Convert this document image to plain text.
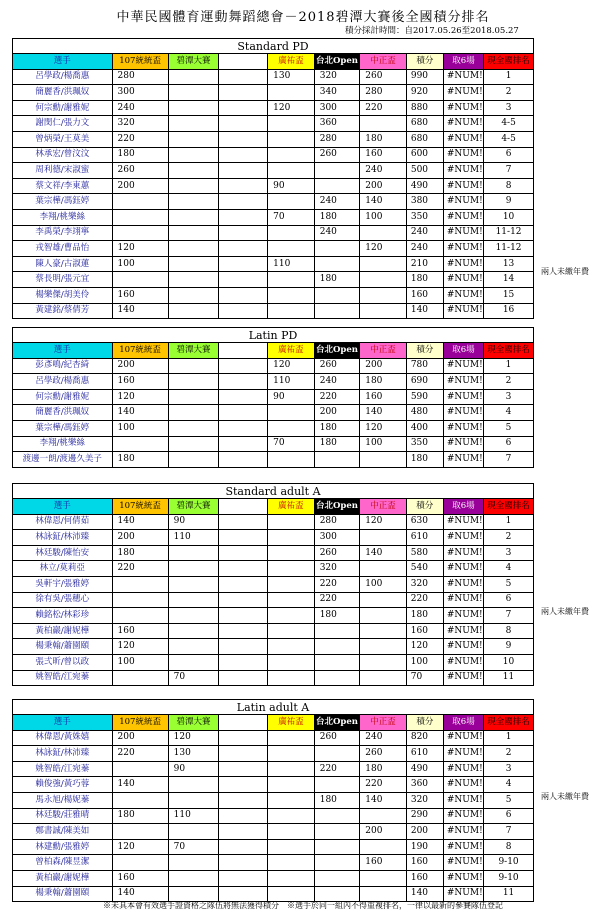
中華民國體育運動舞蹈總會－2018碧潭大賽後全國積分排名
積分採計時間：自2017.05.26至2018.05.27
Standard PD									
選手	107統統盃	碧潭大賽		廣祐盃	台北Open	中正盃	積分	取6場	現全國排名
呂學政/楊喬惠	280			130	320	260	990	#NUM!	1
簡麗香/洪珮奴	300				340	280	920	#NUM!	2
何宗勳/謝雅妮	240			120	300	220	880	#NUM!	3
謝閔仁/張力文	320				360		680	#NUM!	4-5
曾炳榮/王莫美	220				280	180	680	#NUM!	4-5
林承宏/曾汶汶	180				260	160	600	#NUM!	6
周利德/宋淑蜜	260					240	500	#NUM!	7
蔡文祥/李東蕙	200			90		200	490	#NUM!	8
葉宗樺/馮鈺婷					240	140	380	#NUM!	9
李翔/桃樂絲				70	180	100	350	#NUM!	10
李禹榮/李翊寧					240		240	#NUM!	11-12
戎智雄/曹品怡	120					120	240	#NUM!	11-12
陳人豪/古淑蓮	100			110			210	#NUM!	13
蔡長明/張元宜					180		180	#NUM!	14
楊樂傑/胡美伶	160						160	#NUM!	15
黃建銘/蔡倩芳	140						140	#NUM!	16
Latin PD									
選手	107統統盃	碧潭大賽		廣祐盃	台北Open	中正盃	積分	取6場	現全國排名
彭彥鳴/紀杏綺	200			120	260	200	780	#NUM!	1
呂學政/楊喬惠	160			110	240	180	690	#NUM!	2
何宗勳/謝雅妮	120			90	220	160	590	#NUM!	3
簡麗香/洪珮奴	140				200	140	480	#NUM!	4
葉宗樺/馮鈺婷	100				180	120	400	#NUM!	5
李翔/桃樂絲				70	180	100	350	#NUM!	6
渡邊一朗/渡邊久美子	180						180	#NUM!	7
Standard adult A									
選手	107統統盃	碧潭大賽		廣祐盃	台北Open	中正盃	積分	取6場	現全國排名
林偉恩/何倩茹	140	90			280	120	630	#NUM!	1
林詠鉦/林沛臻	200	110			300		610	#NUM!	2
林廷駿/陳怡安	180				260	140	580	#NUM!	3
林立/莫莉亞	220				320		540	#NUM!	4
吳軒宇/張雅婷					220	100	320	#NUM!	5
徐有吳/張穗心					220		220	#NUM!	6
賴銘松/林彩珍					180		180	#NUM!	7
黃柏巖/謝妮樺	160						160	#NUM!	8
楊秉翰/蕭園頤	120						120	#NUM!	9
張弍昕/曾以政	100						100	#NUM!	10
姚智皓/江宛蓁		70					70	#NUM!	11
Latin adult A									
選手	107統統盃	碧潭大賽		廣祐盃	台北Open	中正盃	積分	取6場	現全國排名
林偉恩/黃姝嬉	200	120			260	240	820	#NUM!	1
林詠鉦/林沛臻	220	130				260	610	#NUM!	2
姚智皓/江宛蓁		90			220	180	490	#NUM!	3
賴俊強/黃巧蓉	140					220	360	#NUM!	4
馬永旭/楊妮蓁					180	140	320	#NUM!	5
林廷駿/莊雅晴	180	110					290	#NUM!	6
鄭書誠/陳美如						200	200	#NUM!	7
林建勳/張雅婷	120	70					190	#NUM!	8
曾柏森/陳昱潔						160	160	#NUM!	9-10
黃柏巖/謝妮樺	160						160	#NUM!	9-10
楊秉翰/蕭園頤	140						140	#NUM!	11
※未具本會有效選手證資格之隊伍將無法獲得積分　※選手於同一組內不得重複排名，一律以最新的參賽隊伍登記
兩人未繳年費
兩人未繳年費
兩人未繳年費
